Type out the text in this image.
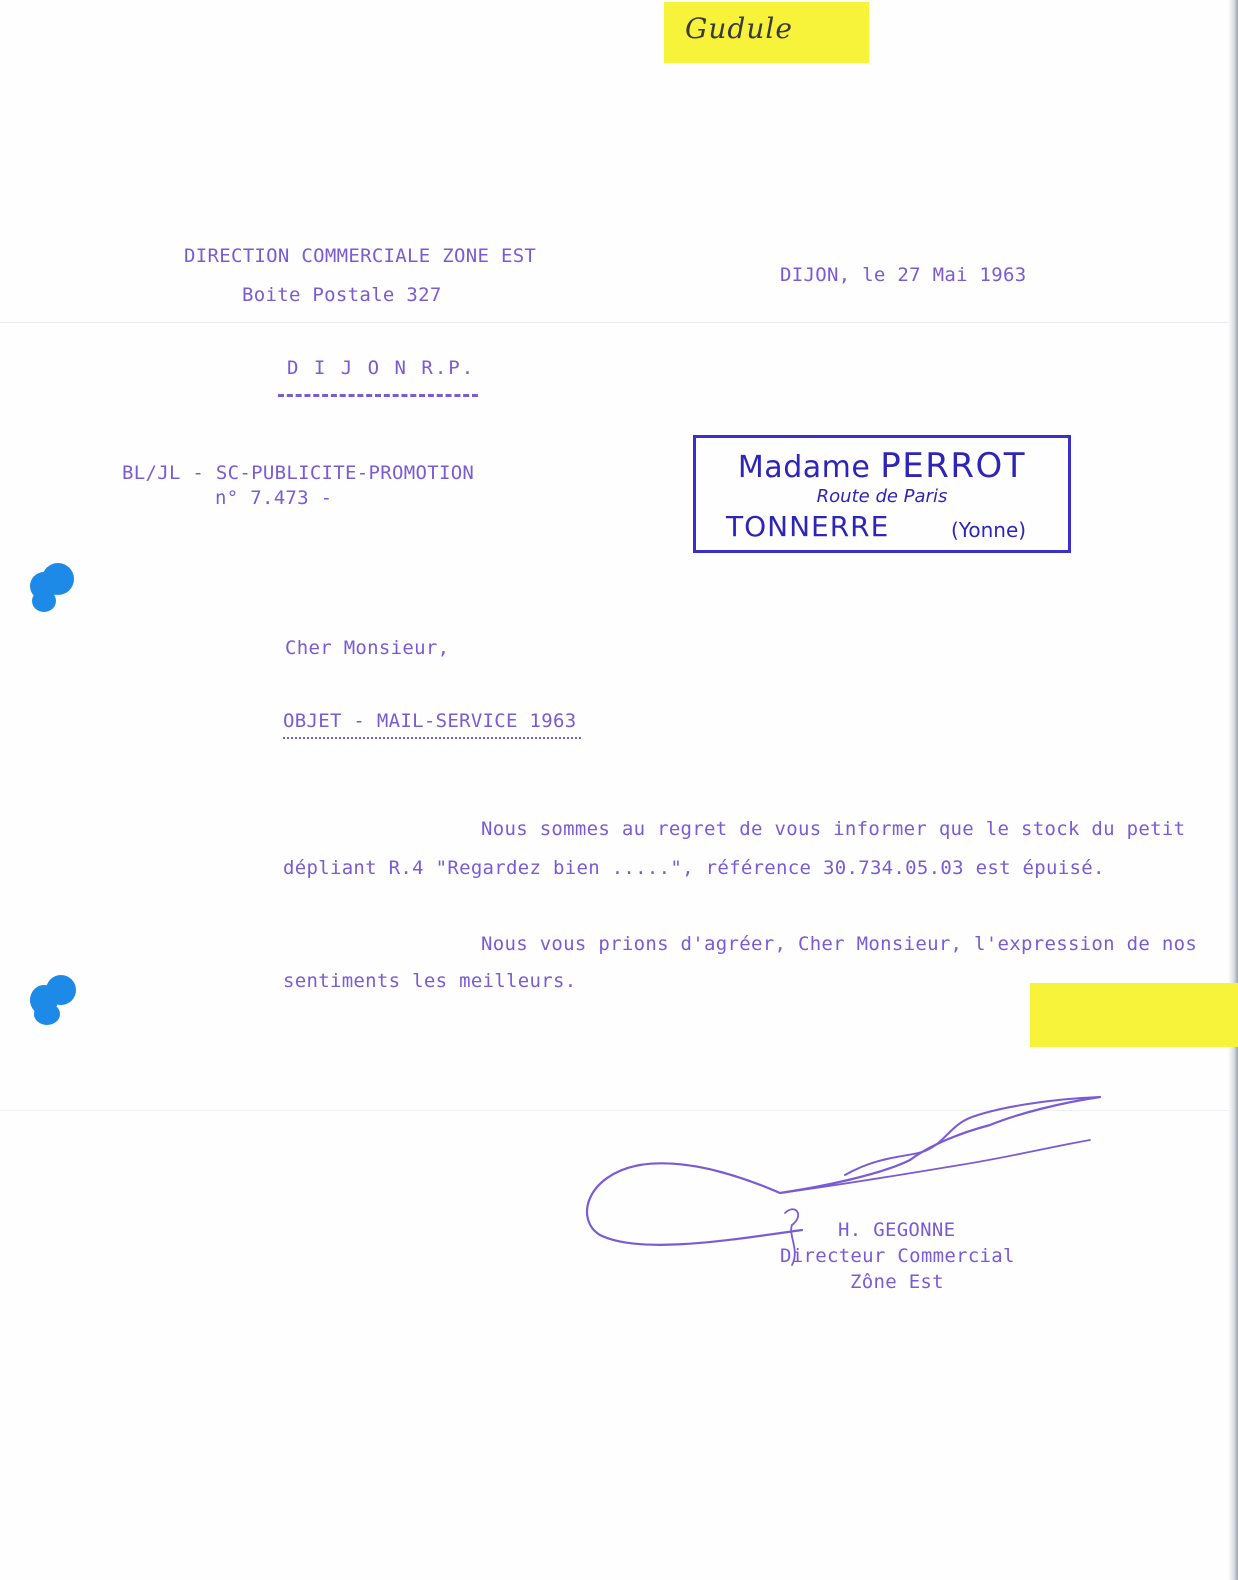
Gudule
DIRECTION COMMERCIALE ZONE EST
Boite Postale 327
D I J O N R.P.
DIJON, le 27 Mai 1963
BL/JL - SC-PUBLICITE-PROMOTION
n° 7.473 -
Madame PERROT
Route de Paris
TONNERRE	(Yonne)
Cher Monsieur,
OBJET - MAIL-SERVICE 1963
Nous sommes au regret de vous informer que le stock du petit
dépliant R.4 "Regardez bien .....", référence 30.734.05.03 est épuisé.
Nous vous prions d'agréer, Cher Monsieur, l'expression de nos
sentiments les meilleurs.
H. GEGONNE
Directeur Commercial
Zône Est
